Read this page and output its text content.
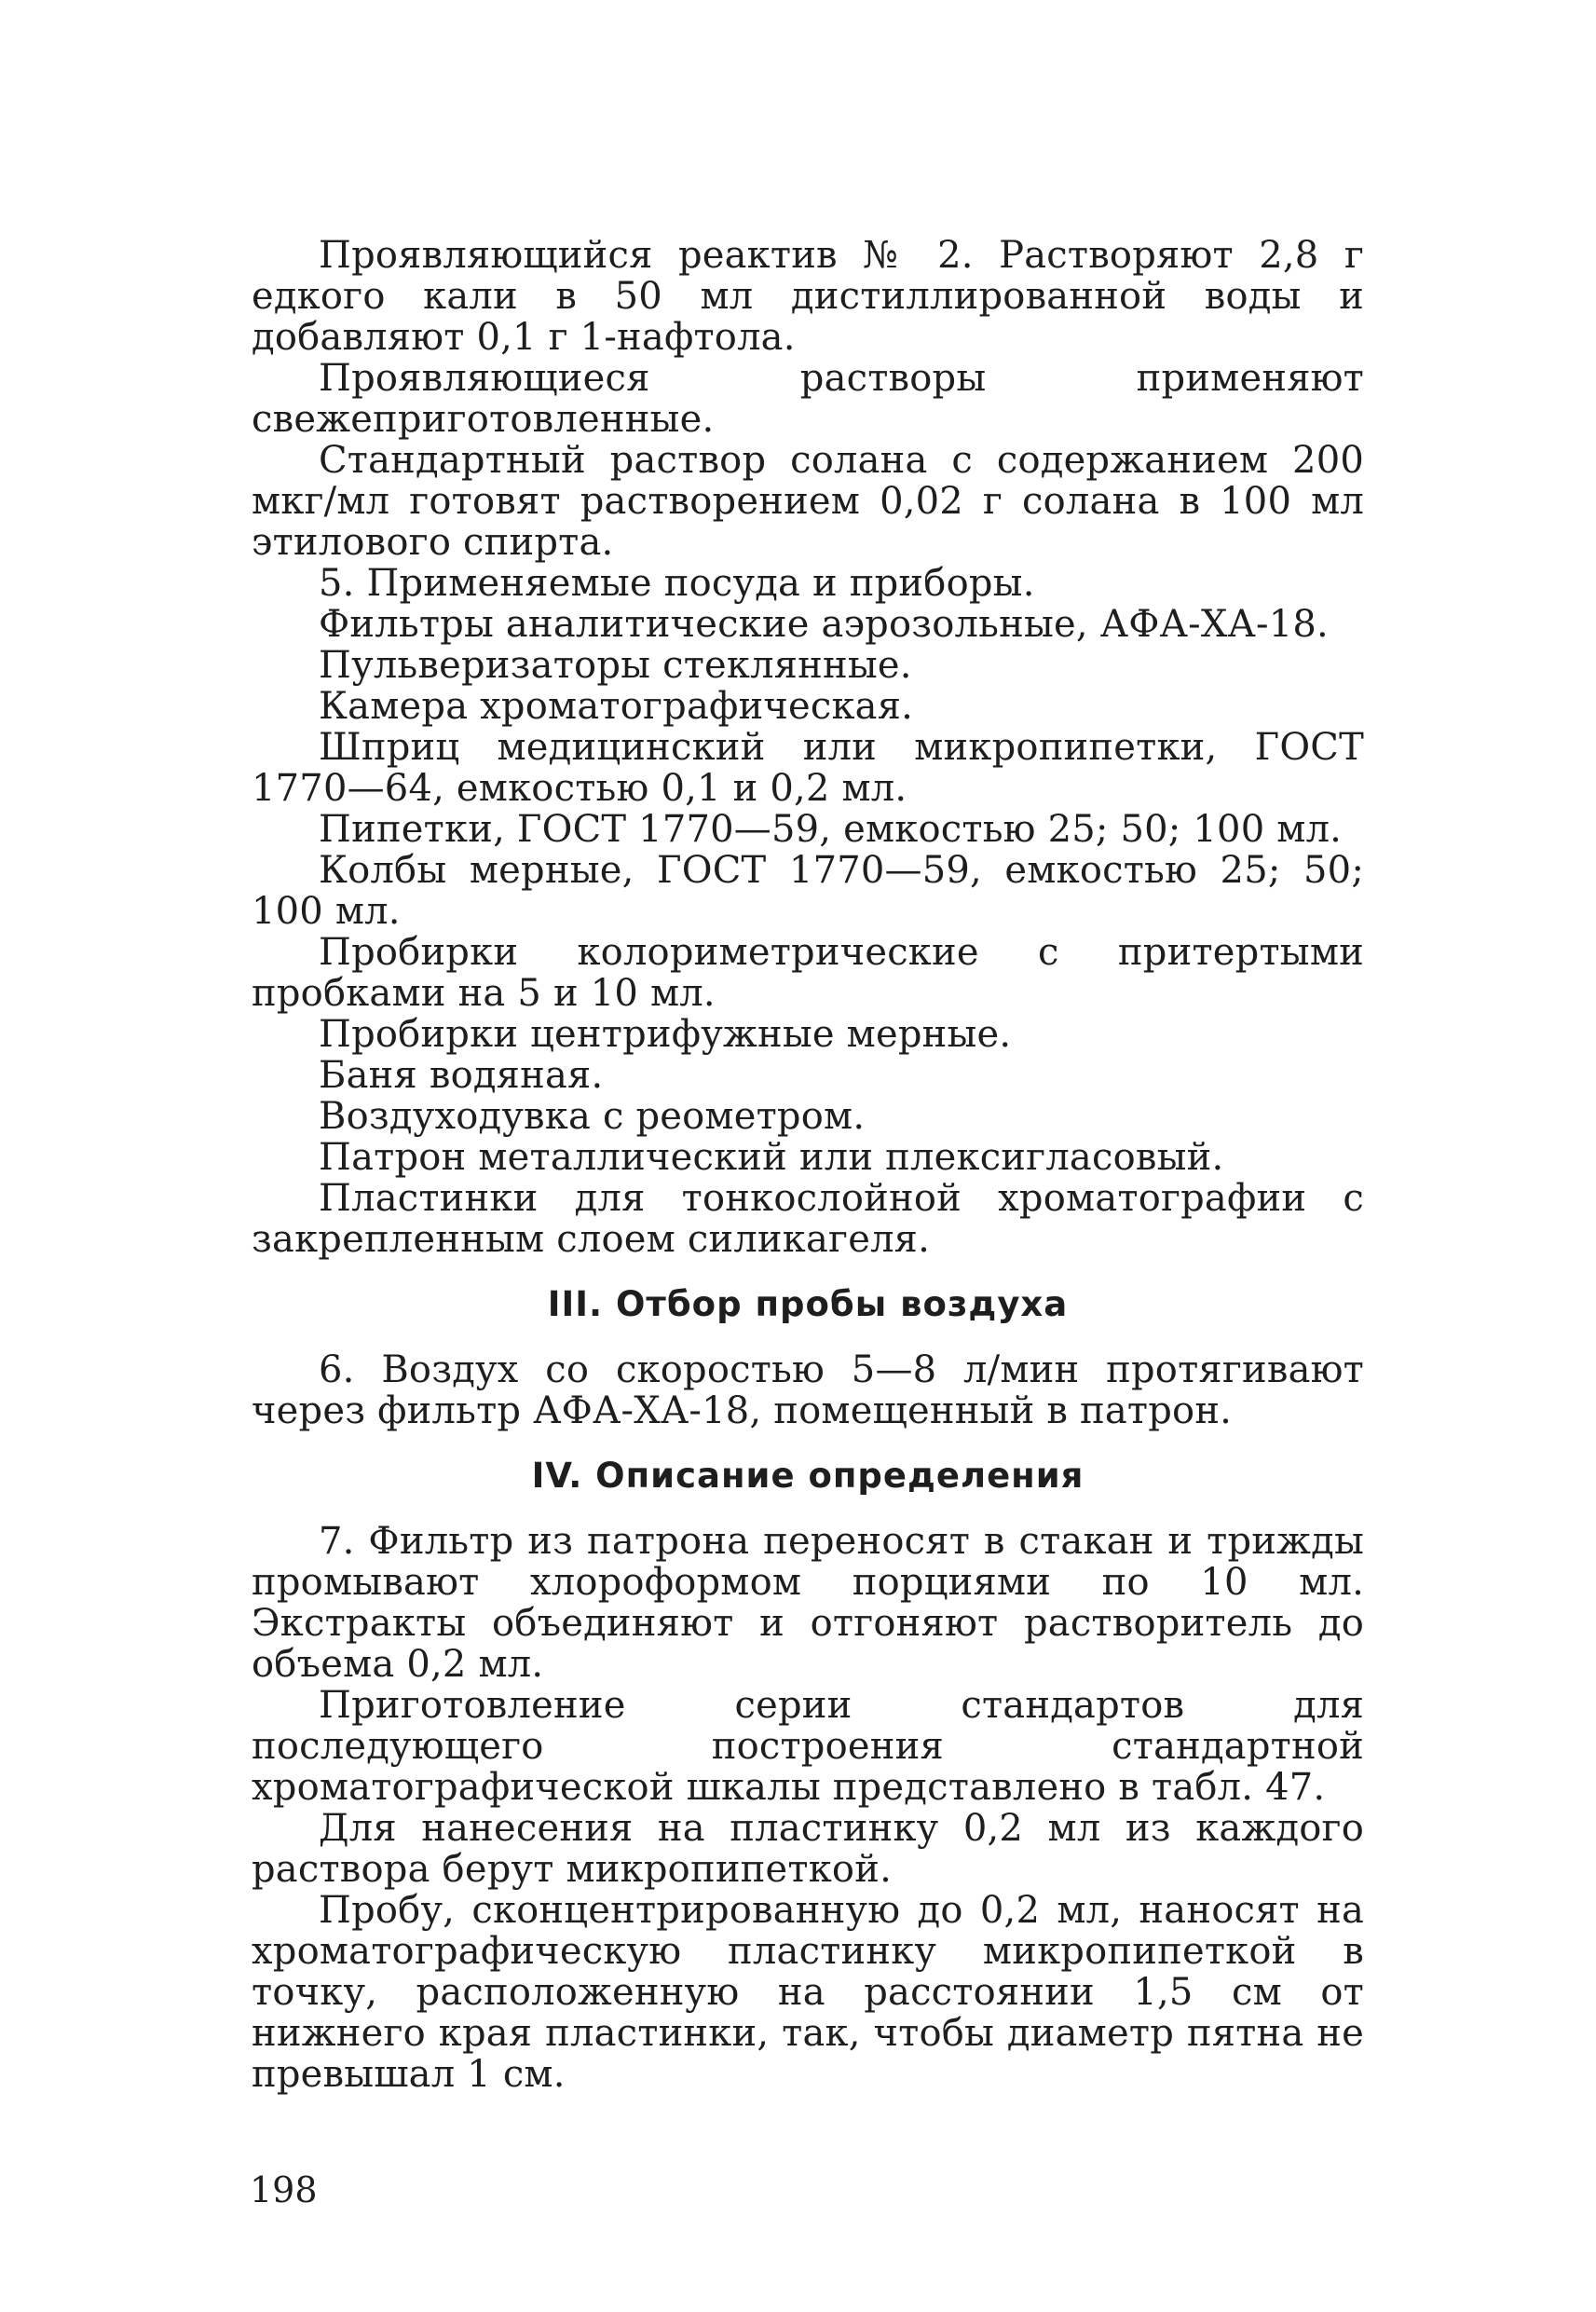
Проявляющийся реактив № 2. Растворяют 2,8 г едкого кали в 50 мл дистиллированной воды и добавляют 0,1 г 1-нафтола.

Проявляющиеся растворы применяют свежеприготовленные.

Стандартный раствор солана с содержанием 200 мкг/мл готовят растворением 0,02 г солана в 100 мл этилового спирта.

5. Применяемые посуда и приборы.

Фильтры аналитические аэрозольные, АФА-ХА-18.

Пульверизаторы стеклянные.

Камера хроматографическая.

Шприц медицинский или микропипетки, ГОСТ 1770—64, емкостью 0,1 и 0,2 мл.

Пипетки, ГОСТ 1770—59, емкостью 25; 50; 100 мл.

Колбы мерные, ГОСТ 1770—59, емкостью 25; 50; 100 мл.

Пробирки колориметрические с притертыми пробками на 5 и 10 мл.

Пробирки центрифужные мерные.

Баня водяная.

Воздуходувка с реометром.

Патрон металлический или плексигласовый.

Пластинки для тонкослойной хроматографии с закрепленным слоем силикагеля.

III. Отбор пробы воздуха

6. Воздух со скоростью 5—8 л/мин протягивают через фильтр АФА-ХА-18, помещенный в патрон.

IV. Описание определения

7. Фильтр из патрона переносят в стакан и трижды промывают хлороформом порциями по 10 мл. Экстракты объединяют и отгоняют растворитель до объема 0,2 мл.

Приготовление серии стандартов для последующего построения стандартной хроматографической шкалы представлено в табл. 47.

Для нанесения на пластинку 0,2 мл из каждого раствора берут микропипеткой.

Пробу, сконцентрированную до 0,2 мл, наносят на хроматографическую пластинку микропипеткой в точку, расположенную на расстоянии 1,5 см от нижнего края пластинки, так, чтобы диаметр пятна не превышал 1 см.

198
